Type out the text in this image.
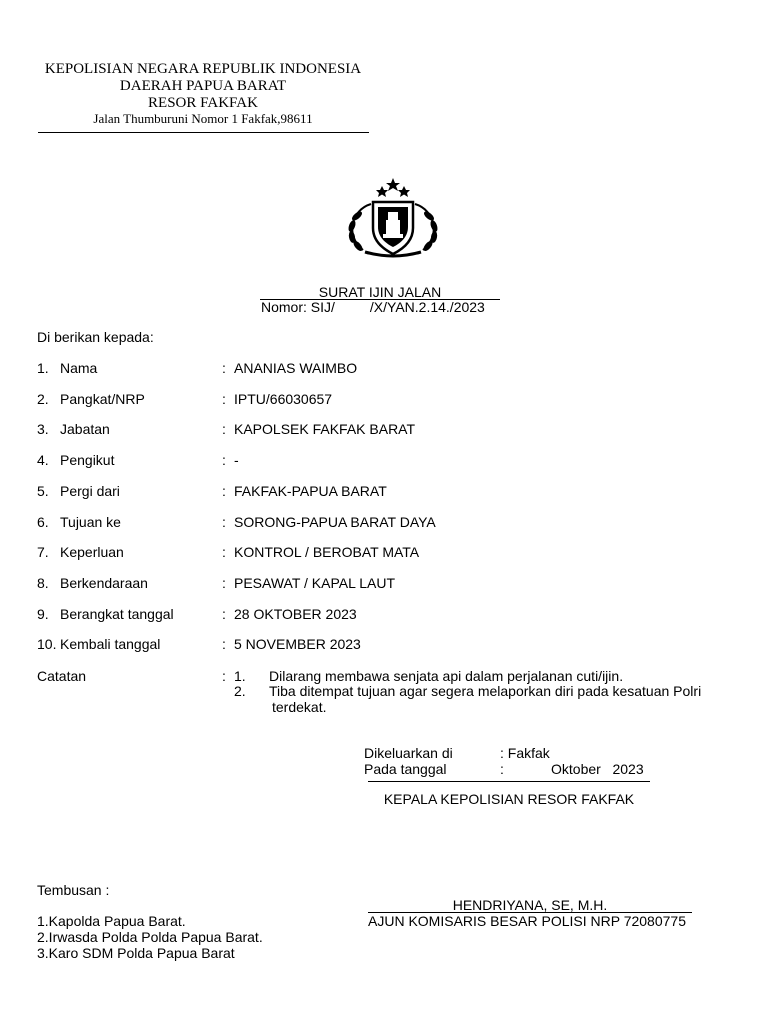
KEPOLISIAN NEGARA REPUBLIK INDONESIA
DAERAH PAPUA BARAT
RESOR FAKFAK
Jalan Thumburuni Nomor 1 Fakfak,98611
SURAT IJIN JALAN
Nomor: SIJ/         /X/YAN.2.14./2023
Di berikan kepada:
1. Nama	: ANANIAS WAIMBO
2. Pangkat/NRP	: IPTU/66030657
3. Jabatan	: KAPOLSEK FAKFAK BARAT
4. Pengikut	: -
5. Pergi dari	: FAKFAK-PAPUA BARAT
6. Tujuan ke	: SORONG-PAPUA BARAT DAYA
7. Keperluan	: KONTROL / BEROBAT MATA
8. Berkendaraan	: PESAWAT / KAPAL LAUT
9. Berangkat tanggal	: 28 OKTOBER 2023
10. Kembali tanggal	: 5 NOVEMBER 2023
Catatan	: 1. Dilarang membawa senjata api dalam perjalanan cuti/ijin.
2. Tiba ditempat tujuan agar segera melaporkan diri pada kesatuan Polri
terdekat.
Dikeluarkan di	: Fakfak
Pada tanggal	:	Oktober   2023
KEPALA KEPOLISIAN RESOR FAKFAK
HENDRIYANA, SE, M.H.
AJUN KOMISARIS BESAR POLISI NRP 72080775
Tembusan :
1.Kapolda Papua Barat.
2.Irwasda Polda Polda Papua Barat.
3.Karo SDM Polda Papua Barat
